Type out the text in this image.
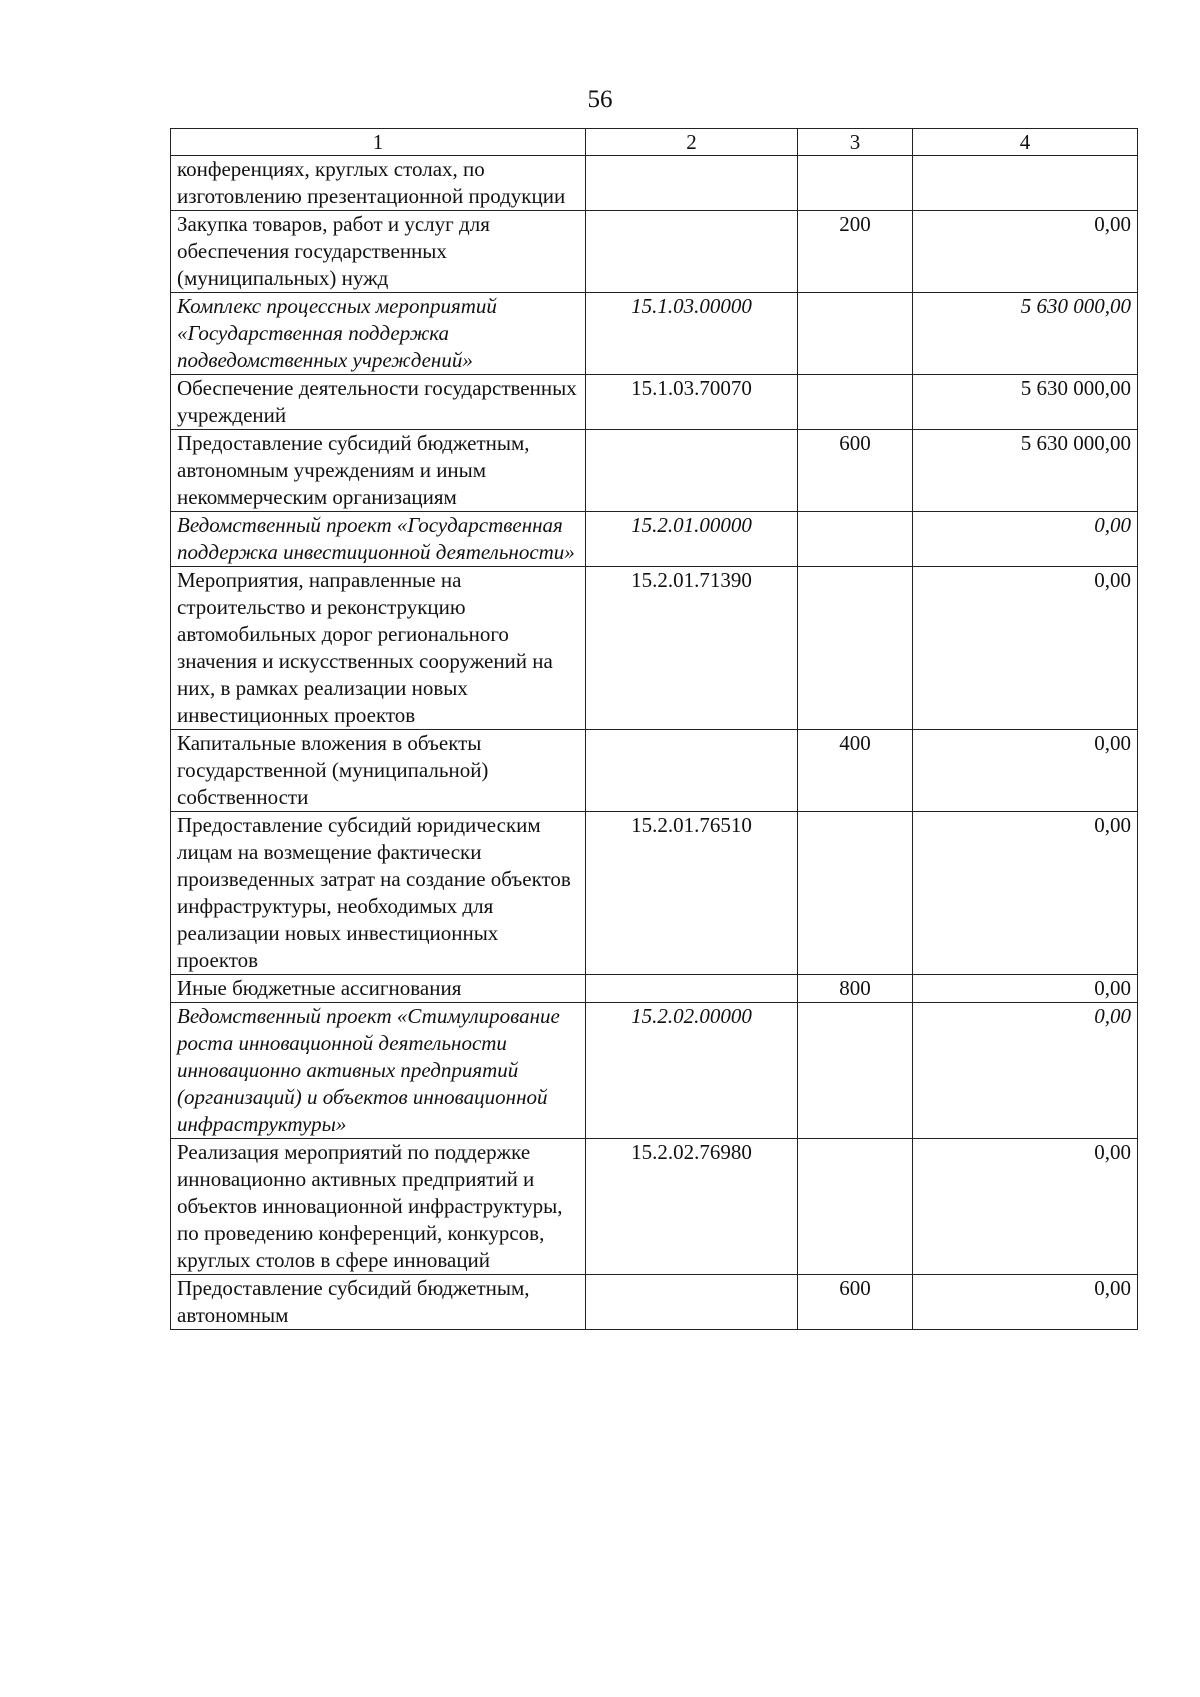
56
1	2	3	4
конференциях, круглых столах, по изготовлению презентационной продукции			
Закупка товаров, работ и услуг для обеспечения государственных (муниципальных) нужд		200	0,00
Комплекс процессных мероприятий «Государственная поддержка подведомственных учреждений»	15.1.03.00000		5 630 000,00
Обеспечение деятельности государственных учреждений	15.1.03.70070		5 630 000,00
Предоставление субсидий бюджетным, автономным учреждениям и иным некоммерческим организациям		600	5 630 000,00
Ведомственный проект «Государственная поддержка инвестиционной деятельности»	15.2.01.00000		0,00
Мероприятия, направленные на строительство и реконструкцию автомобильных дорог регионального значения и искусственных сооружений на них, в рамках реализации новых инвестиционных проектов	15.2.01.71390		0,00
Капитальные вложения в объекты государственной (муниципальной) собственности		400	0,00
Предоставление субсидий юридическим лицам на возмещение фактически произведенных затрат на создание объектов инфраструктуры, необходимых для реализации новых инвестиционных проектов	15.2.01.76510		0,00
Иные бюджетные ассигнования		800	0,00
Ведомственный проект «Стимулирование роста инновационной деятельности инновационно активных предприятий (организаций) и объектов инновационной инфраструктуры»	15.2.02.00000		0,00
Реализация мероприятий по поддержке инновационно активных предприятий и объектов инновационной инфраструктуры, по проведению конференций, конкурсов, круглых столов в сфере инноваций	15.2.02.76980		0,00
Предоставление субсидий бюджетным, автономным		600	0,00
